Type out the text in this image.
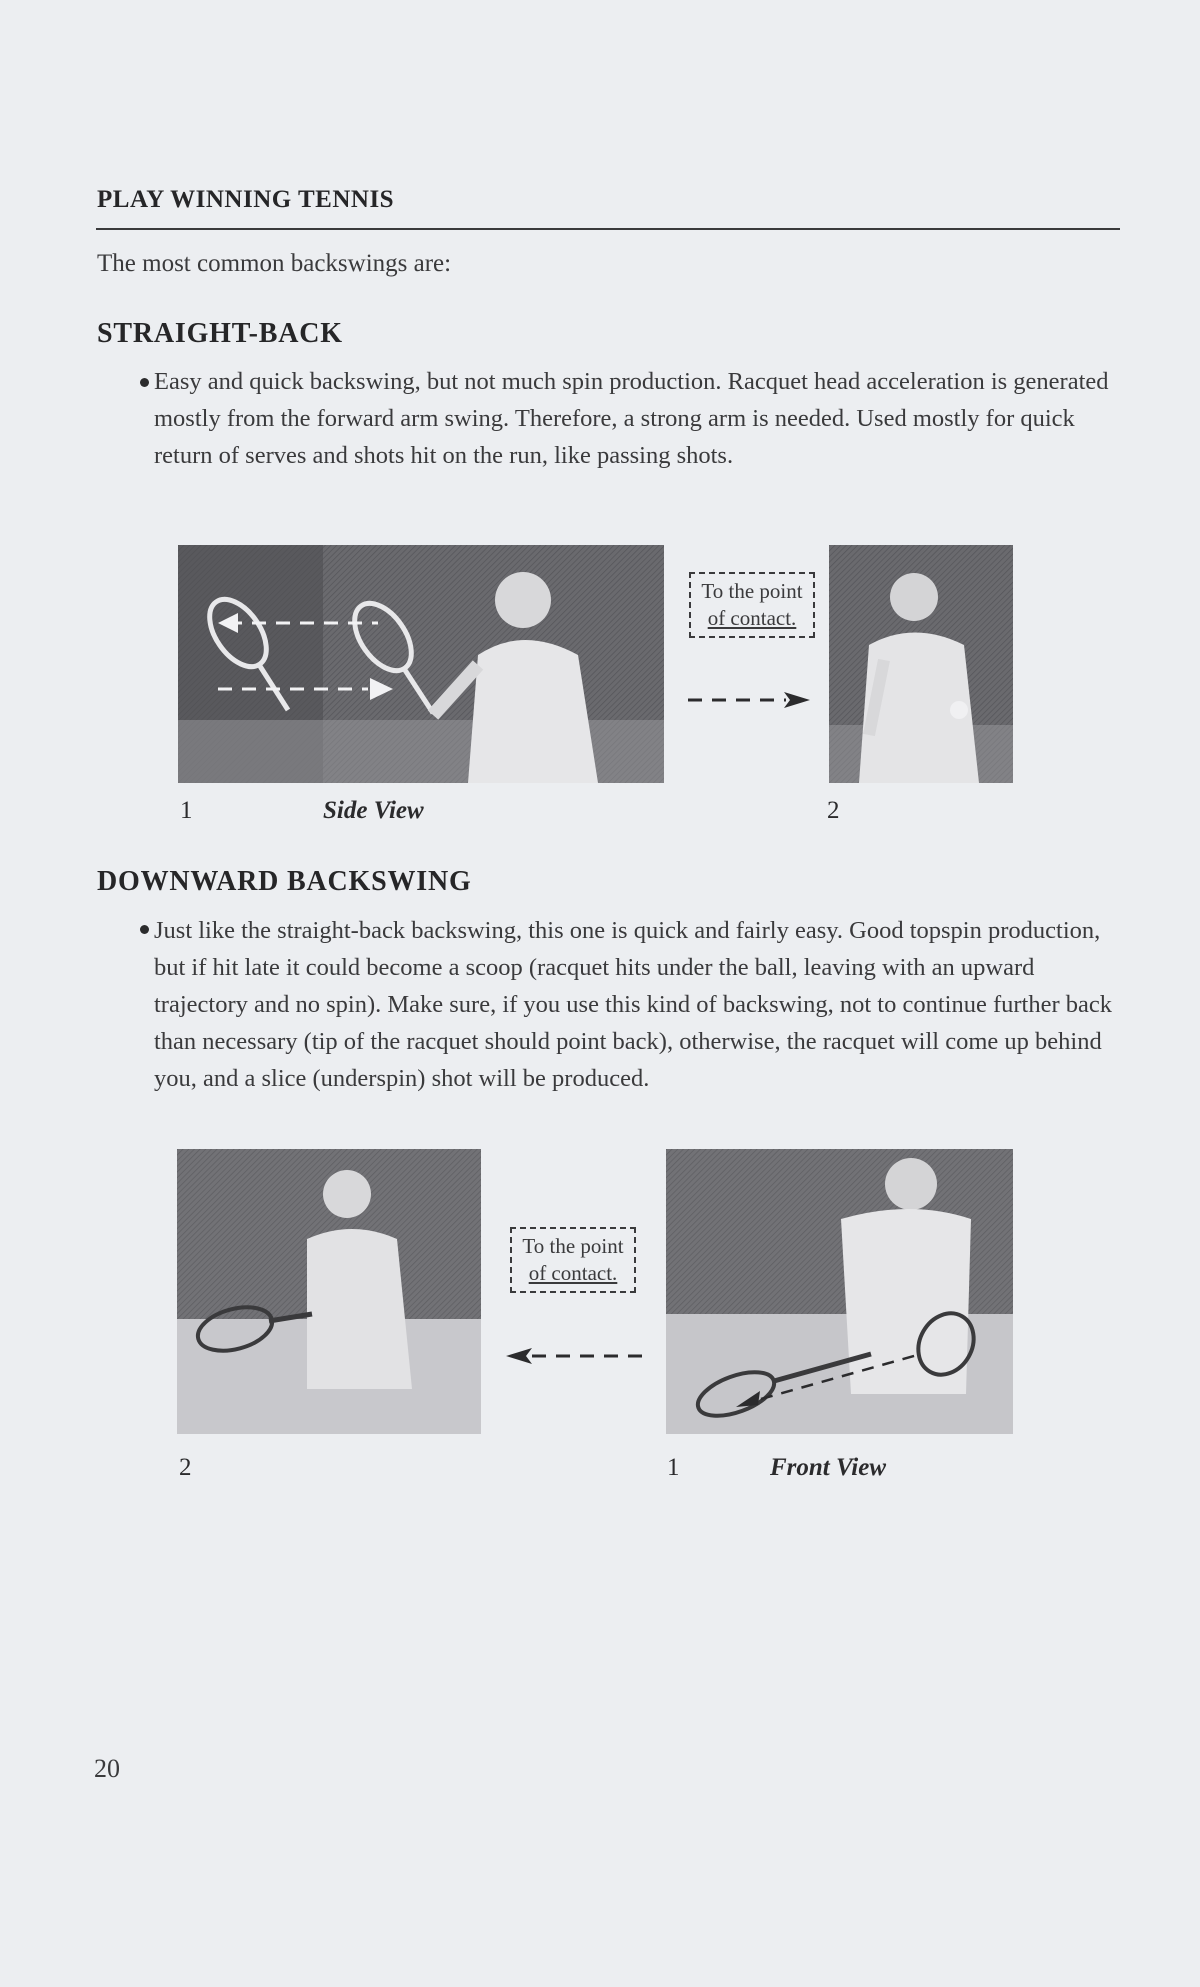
PLAY WINNING TENNIS
The most common backswings are:
STRAIGHT-BACK
Easy and quick backswing, but not much spin production. Racquet head acceleration is generated mostly from the forward arm swing. Therefore, a strong arm is needed. Used mostly for quick return of serves and shots hit on the run, like passing shots.
To the point
of contact.
1	Side View	2
DOWNWARD BACKSWING
Just like the straight-back backswing, this one is quick and fairly easy. Good topspin production, but if hit late it could become a scoop (racquet hits under the ball, leaving with an upward trajectory and no spin). Make sure, if you use this kind of backswing, not to continue further back than necessary (tip of the racquet should point back), otherwise, the racquet will come up behind you, and a slice (underspin) shot will be produced.
To the point
of contact.
2	1	Front View
20
